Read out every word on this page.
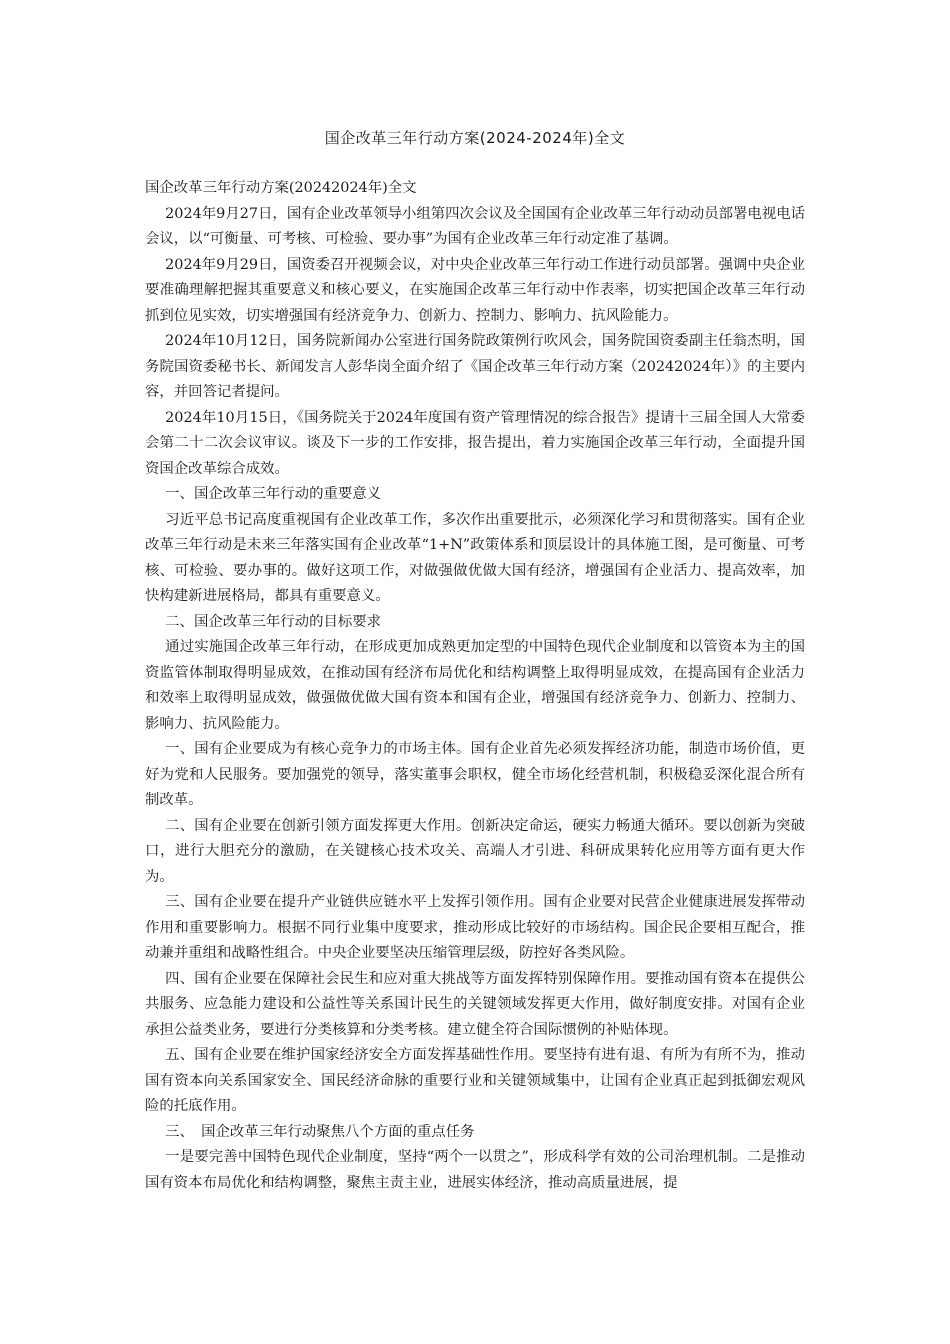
国企改革三年行动方案(2024-2024年)全文

国企改革三年行动方案(20242024年)全文

2024年9月27日，国有企业改革领导小组第四次会议及全国国有企业改革三年行动动员部署电视电话会议，以“可衡量、可考核、可检验、要办事”为国有企业改革三年行动定准了基调。

2024年9月29日，国资委召开视频会议，对中央企业改革三年行动工作进行动员部署。强调中央企业要准确理解把握其重要意义和核心要义，在实施国企改革三年行动中作表率，切实把国企改革三年行动抓到位见实效，切实增强国有经济竞争力、创新力、控制力、影响力、抗风险能力。

2024年10月12日，国务院新闻办公室进行国务院政策例行吹风会，国务院国资委副主任翁杰明，国务院国资委秘书长、新闻发言人彭华岗全面介绍了《国企改革三年行动方案（20242024年）》的主要内容，并回答记者提问。

2024年10月15日，《国务院关于2024年度国有资产管理情况的综合报告》提请十三届全国人大常委会第二十二次会议审议。谈及下一步的工作安排，报告提出，着力实施国企改革三年行动，全面提升国资国企改革综合成效。

一、国企改革三年行动的重要意义

习近平总书记高度重视国有企业改革工作，多次作出重要批示，必须深化学习和贯彻落实。国有企业改革三年行动是未来三年落实国有企业改革“1+N”政策体系和顶层设计的具体施工图，是可衡量、可考核、可检验、要办事的。做好这项工作，对做强做优做大国有经济，增强国有企业活力、提高效率，加快构建新进展格局，都具有重要意义。

二、国企改革三年行动的目标要求

通过实施国企改革三年行动，在形成更加成熟更加定型的中国特色现代企业制度和以管资本为主的国资监管体制取得明显成效，在推动国有经济布局优化和结构调整上取得明显成效，在提高国有企业活力和效率上取得明显成效，做强做优做大国有资本和国有企业，增强国有经济竞争力、创新力、控制力、影响力、抗风险能力。

一、国有企业要成为有核心竞争力的市场主体。国有企业首先必须发挥经济功能，制造市场价值，更好为党和人民服务。要加强党的领导，落实董事会职权，健全市场化经营机制，积极稳妥深化混合所有制改革。

二、国有企业要在创新引领方面发挥更大作用。创新决定命运，硬实力畅通大循环。要以创新为突破口，进行大胆充分的激励，在关键核心技术攻关、高端人才引进、科研成果转化应用等方面有更大作为。

三、国有企业要在提升产业链供应链水平上发挥引领作用。国有企业要对民营企业健康进展发挥带动作用和重要影响力。根据不同行业集中度要求，推动形成比较好的市场结构。国企民企要相互配合，推动兼并重组和战略性组合。中央企业要坚决压缩管理层级，防控好各类风险。

四、国有企业要在保障社会民生和应对重大挑战等方面发挥特别保障作用。要推动国有资本在提供公共服务、应急能力建设和公益性等关系国计民生的关键领域发挥更大作用，做好制度安排。对国有企业承担公益类业务，要进行分类核算和分类考核。建立健全符合国际惯例的补贴体现。

五、国有企业要在维护国家经济安全方面发挥基础性作用。要坚持有进有退、有所为有所不为，推动国有资本向关系国家安全、国民经济命脉的重要行业和关键领域集中，让国有企业真正起到抵御宏观风险的托底作用。

三、　国企改革三年行动聚焦八个方面的重点任务

一是要完善中国特色现代企业制度，坚持“两个一以贯之”，形成科学有效的公司治理机制。二是推动国有资本布局优化和结构调整，聚焦主责主业，进展实体经济，推动高质量进展，提
